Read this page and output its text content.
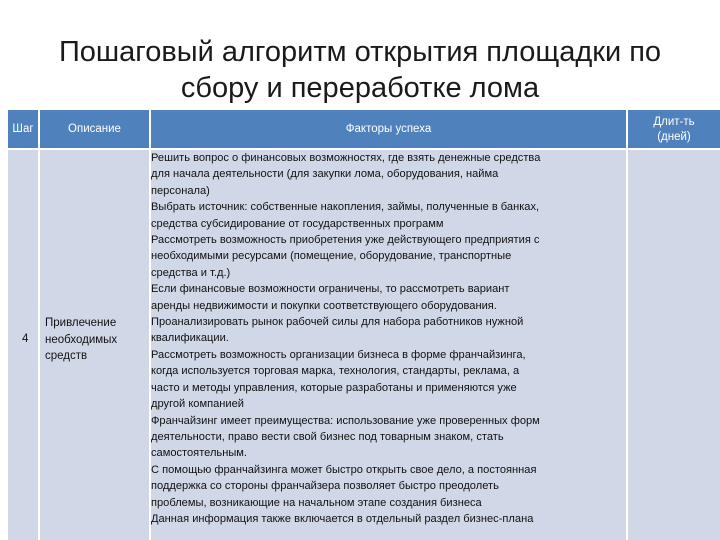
Пошаговый алгоритм открытия площадки по
сбору и переработке лома
Шаг	Описание	Факторы успеха
Длит-ть
(дней)
4
Привлечение
необходимых
средств
Решить вопрос о финансовых возможностях, где взять денежные средства
для начала деятельности (для закупки лома, оборудования, найма
персонала)
Выбрать источник: собственные накопления, займы, полученные в банках,
средства субсидирование от государственных программ
Рассмотреть возможность приобретения уже действующего предприятия с
необходимыми ресурсами (помещение, оборудование, транспортные
средства и т.д.)
Если финансовые возможности ограничены, то рассмотреть вариант
аренды недвижимости и покупки соответствующего оборудования.
Проанализировать рынок рабочей силы для набора работников нужной
квалификации.
Рассмотреть возможность организации бизнеса в форме франчайзинга,
когда используется торговая марка, технология, стандарты, реклама, а
часто и методы управления, которые разработаны и применяются уже
другой компанией
Франчайзинг имеет преимущества: использование уже проверенных форм
деятельности, право вести свой бизнес под товарным знаком, стать
самостоятельным.
С помощью франчайзинга может быстро открыть свое дело, а постоянная
поддержка со стороны франчайзера позволяет быстро преодолеть
проблемы, возникающие на начальном этапе создания бизнеса
Данная информация также включается в отдельный раздел бизнес-плана
